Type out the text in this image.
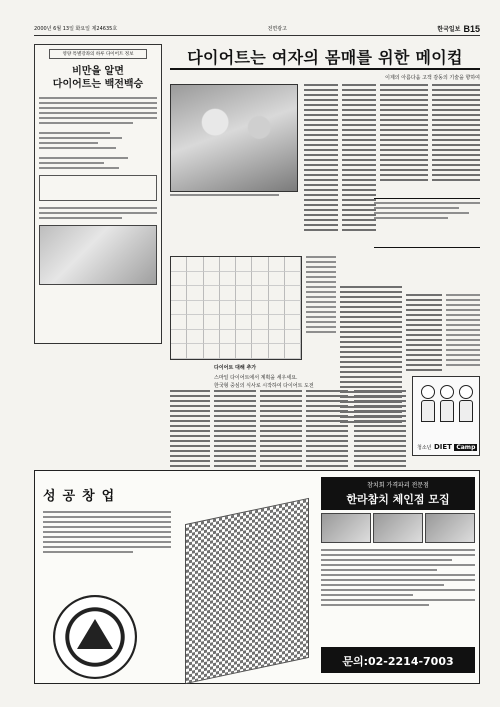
2000년 6월 13일 화요일 제24635호	전면광고	한국일보 B15
영양 특별강좌의 하루 다이어트 정보
비만을 알면
다이어트는 백전백승
다이어트는 여자의 몸매를 위한 메이컵
이제의 아름다움 고객 감동의 기술을 향하여
다이어트 대해 추가

스마일 다이어트에서 계획을 세우세요.

한국형 중심의 식사로 시작하여 다이어트 도전

청소년 DIET Camp
성공창업
참치회 가격파괴 전문점
한라참치 체인점 모집

문의:02-2214-7003
